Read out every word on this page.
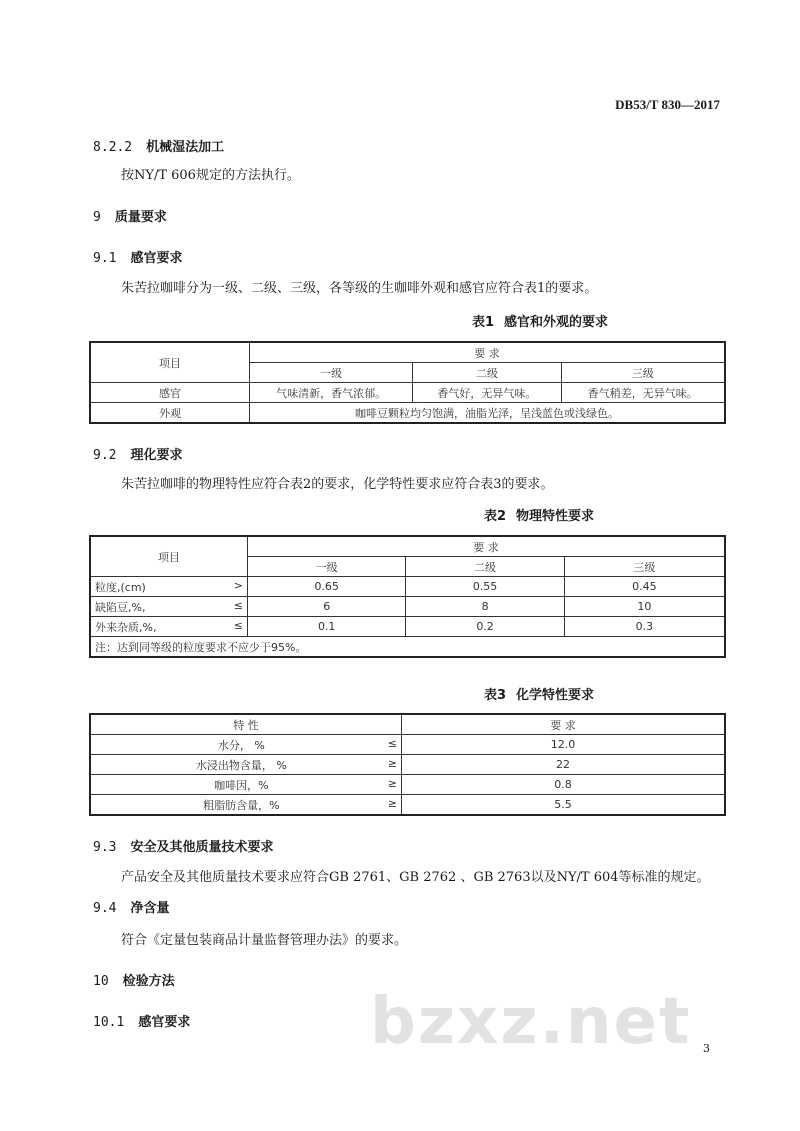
DB53/T 830—2017
8.2.2 机械湿法加工
按NY/T 606规定的方法执行。
9 质量要求
9.1 感官要求
朱苦拉咖啡分为一级、二级、三级，各等级的生咖啡外观和感官应符合表1的要求。
表1 感官和外观的要求
项目	要 求		
	一级	二级	三级
感官	气味清新，香气浓郁。	香气好，无异气味。	香气稍差，无异气味。
外观	咖啡豆颗粒均匀饱满，油脂光泽，呈浅蓝色或浅绿色。		
9.2 理化要求
朱苦拉咖啡的物理特性应符合表2的要求，化学特性要求应符合表3的要求。
表2 物理特性要求
项目	要 求		
	一级	二级	三级
粒度,(cm) >	0.65	0.55	0.45
缺陷豆,%, ≤	6	8	10
外来杂质,%, ≤	0.1	0.2	0.3
注：达到同等级的粒度要求不应少于95%。			
表3 化学特性要求
特 性	要 求
水分， % ≤	12.0
水浸出物含量， % ≥	22
咖啡因，% ≥	0.8
粗脂肪含量，% ≥	5.5
9.3 安全及其他质量技术要求
产品安全及其他质量技术要求应符合GB 2761、GB 2762 、GB 2763以及NY/T 604等标准的规定。
9.4 净含量
符合《定量包装商品计量监督管理办法》的要求。
10 检验方法
10.1 感官要求	bzxz.net 3
